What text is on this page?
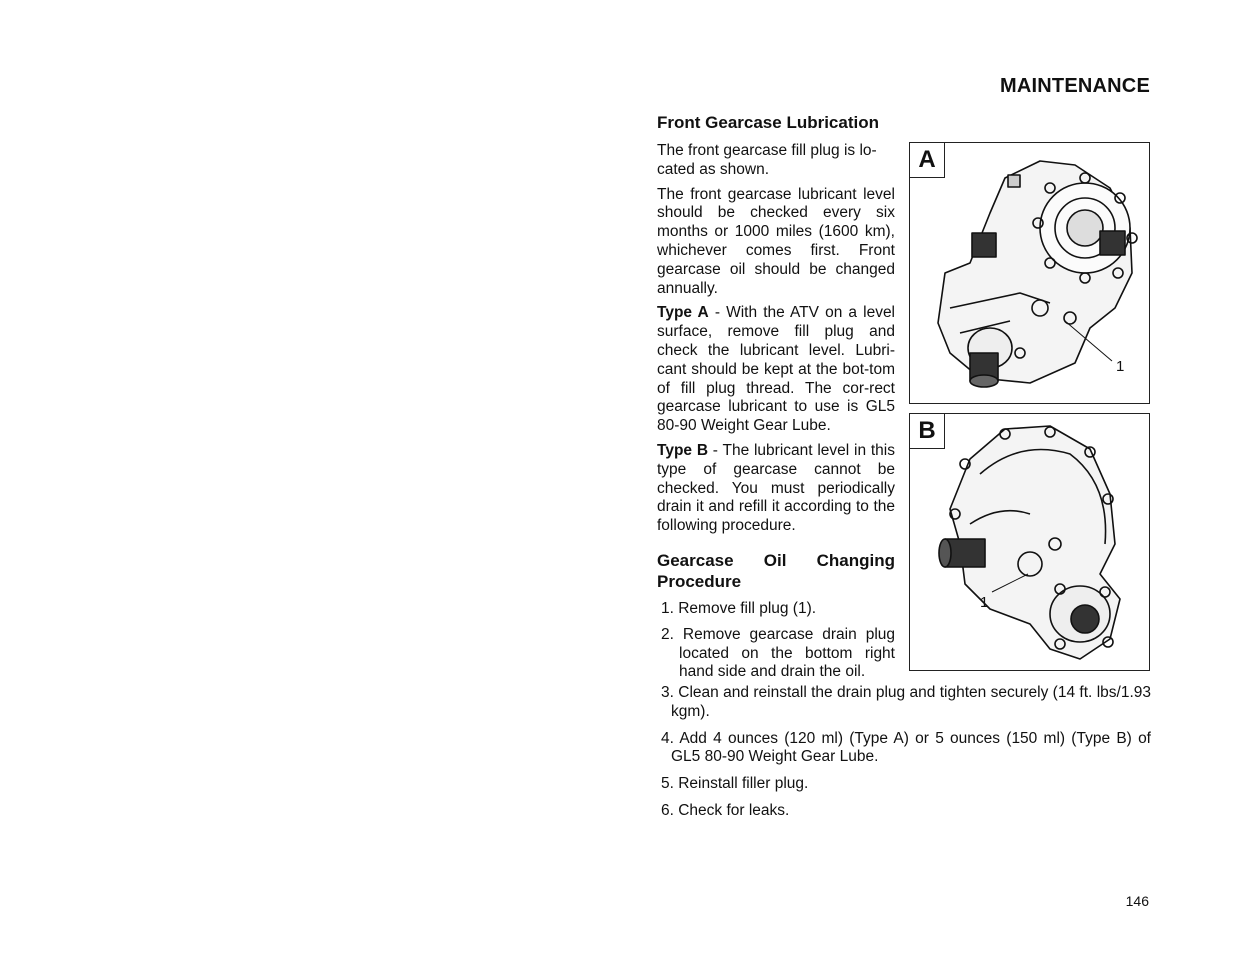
MAINTENANCE
Front Gearcase Lubrication

The front gearcase fill plug is lo-cated as shown.

The front gearcase lubricant level should be checked every six months or 1000 miles (1600 km), whichever comes first. Front gearcase oil should be changed annually.

Type A - With the ATV on a level surface, remove fill plug and check the lubricant level. Lubri-cant should be kept at the bot-tom of fill plug thread. The cor-rect gearcase lubricant to use is GL5 80-90 Weight Gear Lube.

Type B - The lubricant level in this type of gearcase cannot be checked. You must periodically drain it and refill it according to the following procedure.

Gearcase Oil Changing
Procedure
1. Remove fill plug (1).
2. Remove gearcase drain plug located on the bottom right hand side and drain the oil.
3. Clean and reinstall the drain plug and tighten securely (14 ft. lbs/1.93 kgm).
4. Add 4 ounces (120 ml) (Type A) or 5 ounces (150 ml) (Type B) of GL5 80-90 Weight Gear Lube.
5. Reinstall filler plug.
6. Check for leaks.
A
1
B
1
146
